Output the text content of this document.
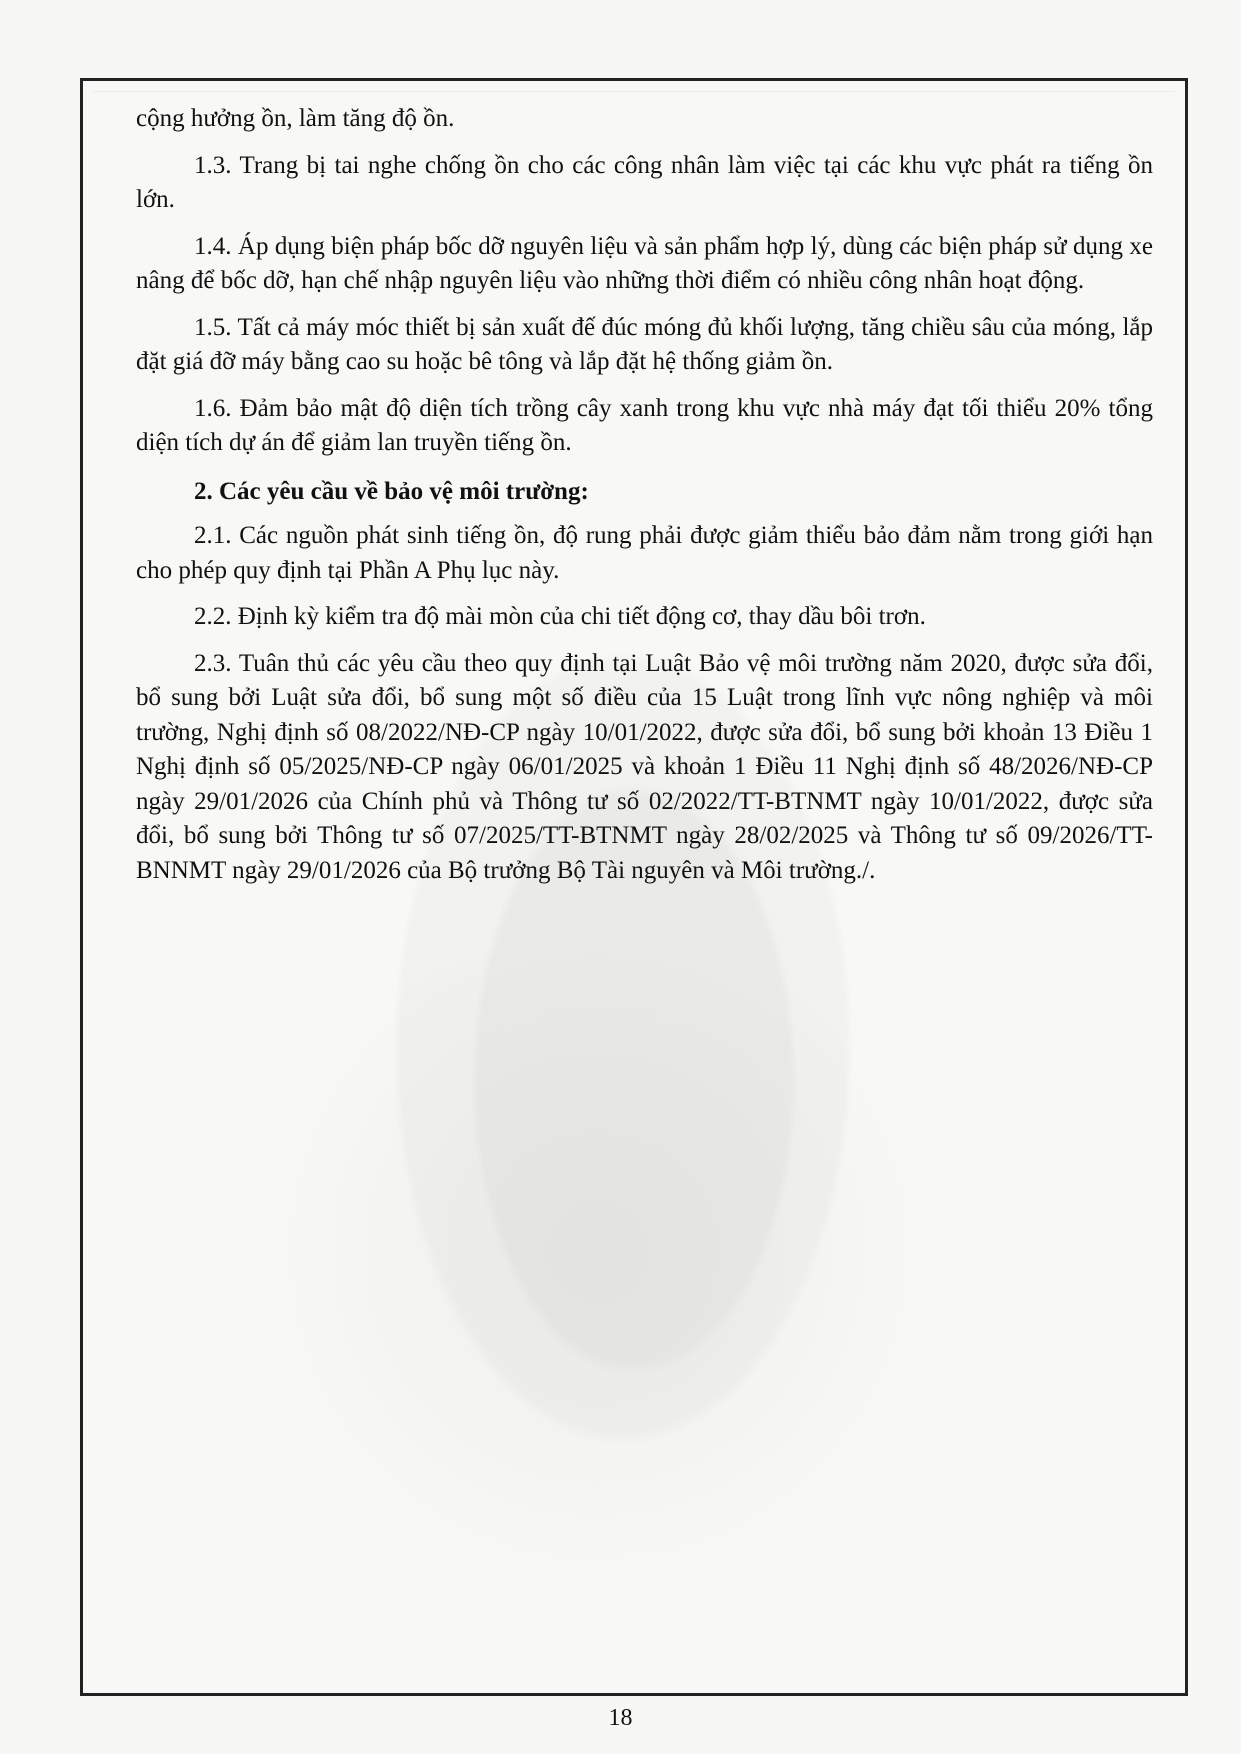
cộng hưởng ồn, làm tăng độ ồn.

1.3. Trang bị tai nghe chống ồn cho các công nhân làm việc tại các khu vực phát ra tiếng ồn lớn.

1.4. Áp dụng biện pháp bốc dỡ nguyên liệu và sản phẩm hợp lý, dùng các biện pháp sử dụng xe nâng để bốc dỡ, hạn chế nhập nguyên liệu vào những thời điểm có nhiều công nhân hoạt động.

1.5. Tất cả máy móc thiết bị sản xuất đế đúc móng đủ khối lượng, tăng chiều sâu của móng, lắp đặt giá đỡ máy bằng cao su hoặc bê tông và lắp đặt hệ thống giảm ồn.

1.6. Đảm bảo mật độ diện tích trồng cây xanh trong khu vực nhà máy đạt tối thiểu 20% tổng diện tích dự án để giảm lan truyền tiếng ồn.

2. Các yêu cầu về bảo vệ môi trường:

2.1. Các nguồn phát sinh tiếng ồn, độ rung phải được giảm thiểu bảo đảm nằm trong giới hạn cho phép quy định tại Phần A Phụ lục này.

2.2. Định kỳ kiểm tra độ mài mòn của chi tiết động cơ, thay dầu bôi trơn.

2.3. Tuân thủ các yêu cầu theo quy định tại Luật Bảo vệ môi trường năm 2020, được sửa đổi, bổ sung bởi Luật sửa đổi, bổ sung một số điều của 15 Luật trong lĩnh vực nông nghiệp và môi trường, Nghị định số 08/2022/NĐ-CP ngày 10/01/2022, được sửa đổi, bổ sung bởi khoản 13 Điều 1 Nghị định số 05/2025/NĐ-CP ngày 06/01/2025 và khoản 1 Điều 11 Nghị định số 48/2026/NĐ-CP ngày 29/01/2026 của Chính phủ và Thông tư số 02/2022/TT-BTNMT ngày 10/01/2022, được sửa đổi, bổ sung bởi Thông tư số 07/2025/TT-BTNMT ngày 28/02/2025 và Thông tư số 09/2026/TT-BNNMT ngày 29/01/2026 của Bộ trưởng Bộ Tài nguyên và Môi trường./.

18
